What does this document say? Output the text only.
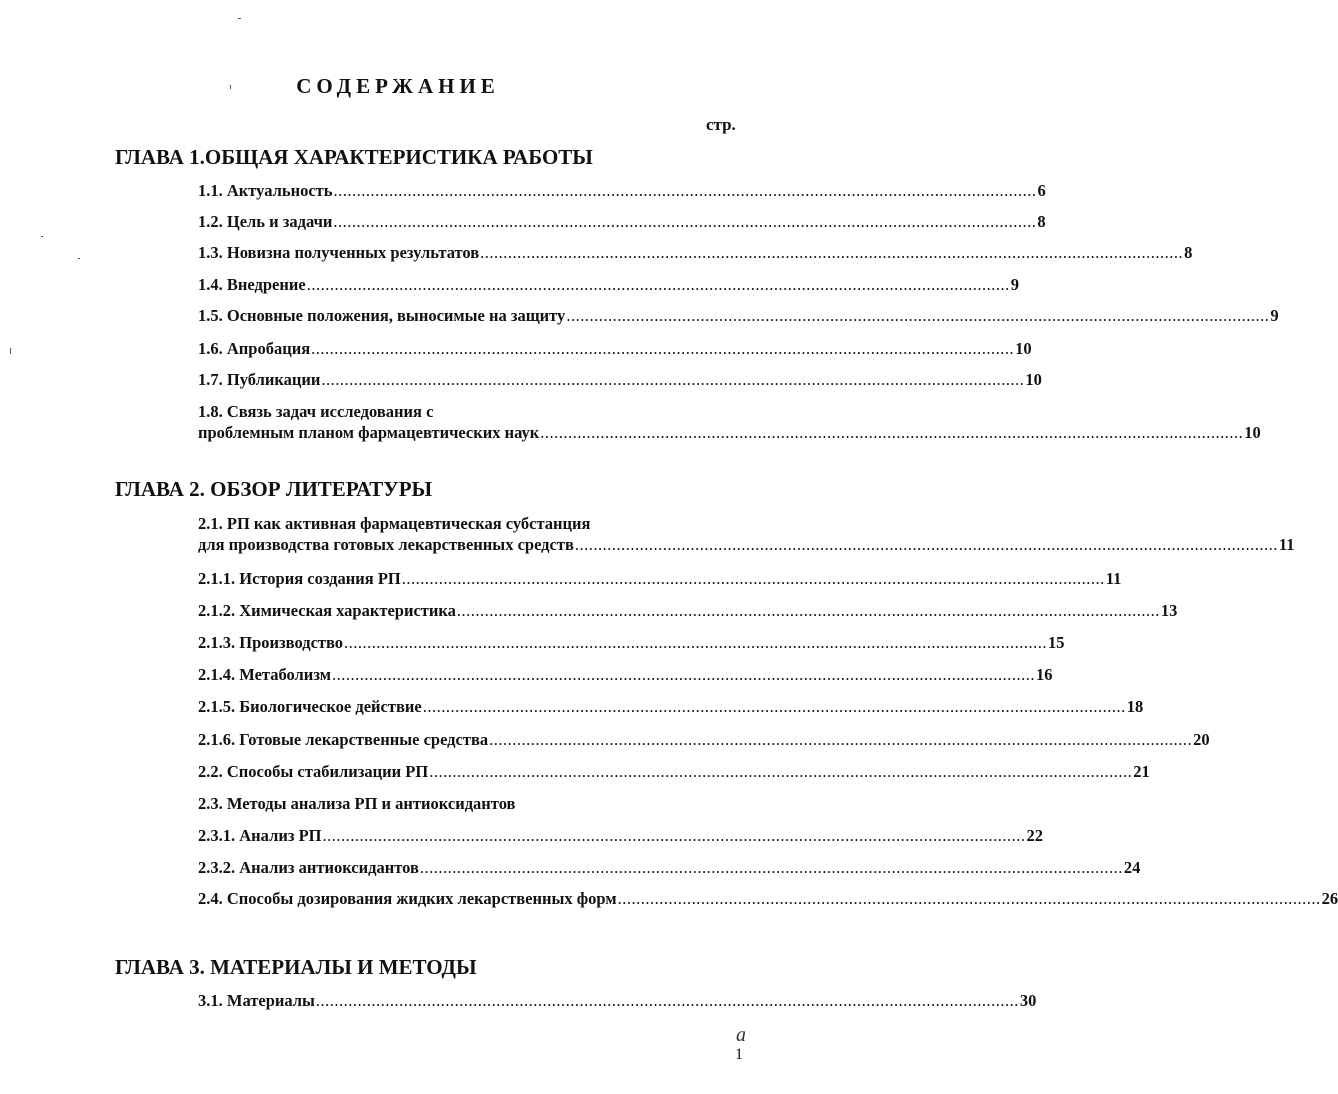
СОДЕРЖАНИЕ
стр.
ГЛАВА 1.ОБЩАЯ ХАРАКТЕРИСТИКА РАБОТЫ
1.1. Актуальность ........................................................................................................................................................ 6
1.2. Цель и задачи ........................................................................................................................................................ 8
1.3. Новизна полученных результатов ........................................................................................................................................................ 8
1.4. Внедрение ........................................................................................................................................................ 9
1.5. Основные положения, выносимые на защиту ........................................................................................................................................................ 9
1.6. Апробация ........................................................................................................................................................ 10
1.7. Публикации ........................................................................................................................................................ 10
1.8. Связь задач исследования с
проблемным планом фармацевтических наук ........................................................................................................................................................ 10
ГЛАВА 2. ОБЗОР ЛИТЕРАТУРЫ
2.1. РП как активная фармацевтическая субстанция
для производства готовых лекарственных средств ........................................................................................................................................................ 11
2.1.1. История создания РП ........................................................................................................................................................ 11
2.1.2. Химическая характеристика ........................................................................................................................................................ 13
2.1.3. Производство ........................................................................................................................................................ 15
2.1.4. Метаболизм ........................................................................................................................................................ 16
2.1.5. Биологическое действие ........................................................................................................................................................ 18
2.1.6. Готовые лекарственные средства ........................................................................................................................................................ 20
2.2. Способы стабилизации РП ........................................................................................................................................................ 21
2.3. Методы анализа РП и антиоксидантов
2.3.1. Анализ РП ........................................................................................................................................................ 22
2.3.2. Анализ антиоксидантов ........................................................................................................................................................ 24
2.4. Способы дозирования жидких лекарственных форм ........................................................................................................................................................ 26
ГЛАВА 3. МАТЕРИАЛЫ И МЕТОДЫ
3.1. Материалы ........................................................................................................................................................ 30
a
1
